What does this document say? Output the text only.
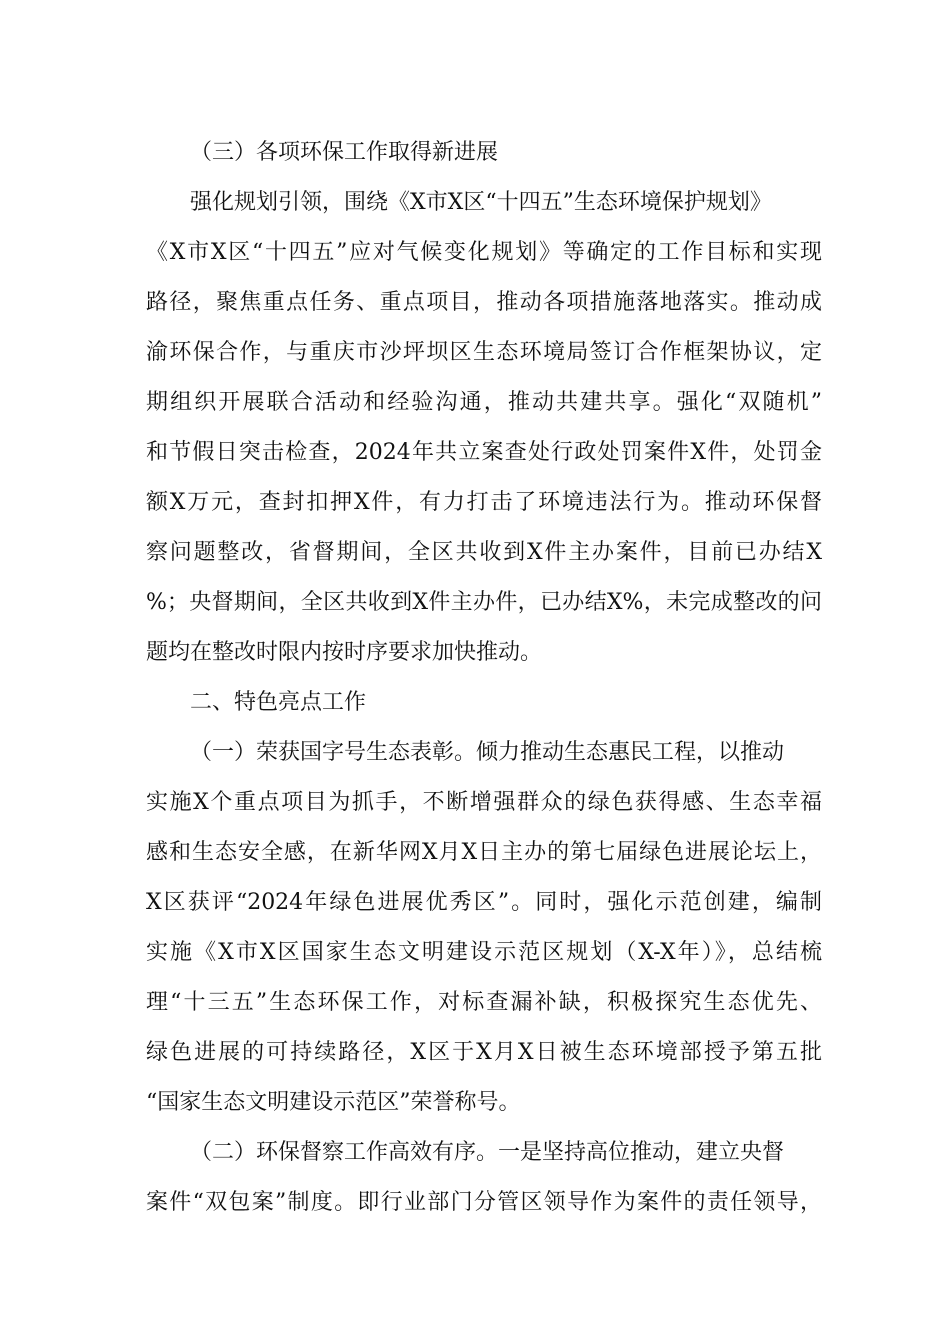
（三）各项环保工作取得新进展
强化规划引领，围绕《X市X区“十四五”生态环境保护规划》
《X市X区“十四五”应对气候变化规划》等确定的工作目标和实现
路径，聚焦重点任务、重点项目，推动各项措施落地落实。推动成
渝环保合作，与重庆市沙坪坝区生态环境局签订合作框架协议，定
期组织开展联合活动和经验沟通，推动共建共享。强化“双随机”
和节假日突击检查，2024年共立案查处行政处罚案件X件，处罚金
额X万元，查封扣押X件，有力打击了环境违法行为。推动环保督
察问题整改，省督期间，全区共收到X件主办案件，目前已办结X
%；央督期间，全区共收到X件主办件，已办结X%，未完成整改的问
题均在整改时限内按时序要求加快推动。
二、特色亮点工作
（一）荣获国字号生态表彰。倾力推动生态惠民工程，以推动
实施X个重点项目为抓手，不断增强群众的绿色获得感、生态幸福
感和生态安全感，在新华网X月X日主办的第七届绿色进展论坛上，
X区获评“2024年绿色进展优秀区”。同时，强化示范创建，编制
实施《X市X区国家生态文明建设示范区规划（X-X年）》，总结梳
理“十三五”生态环保工作，对标查漏补缺，积极探究生态优先、
绿色进展的可持续路径，X区于X月X日被生态环境部授予第五批
“国家生态文明建设示范区”荣誉称号。
（二）环保督察工作高效有序。一是坚持高位推动，建立央督
案件“双包案”制度。即行业部门分管区领导作为案件的责任领导，
